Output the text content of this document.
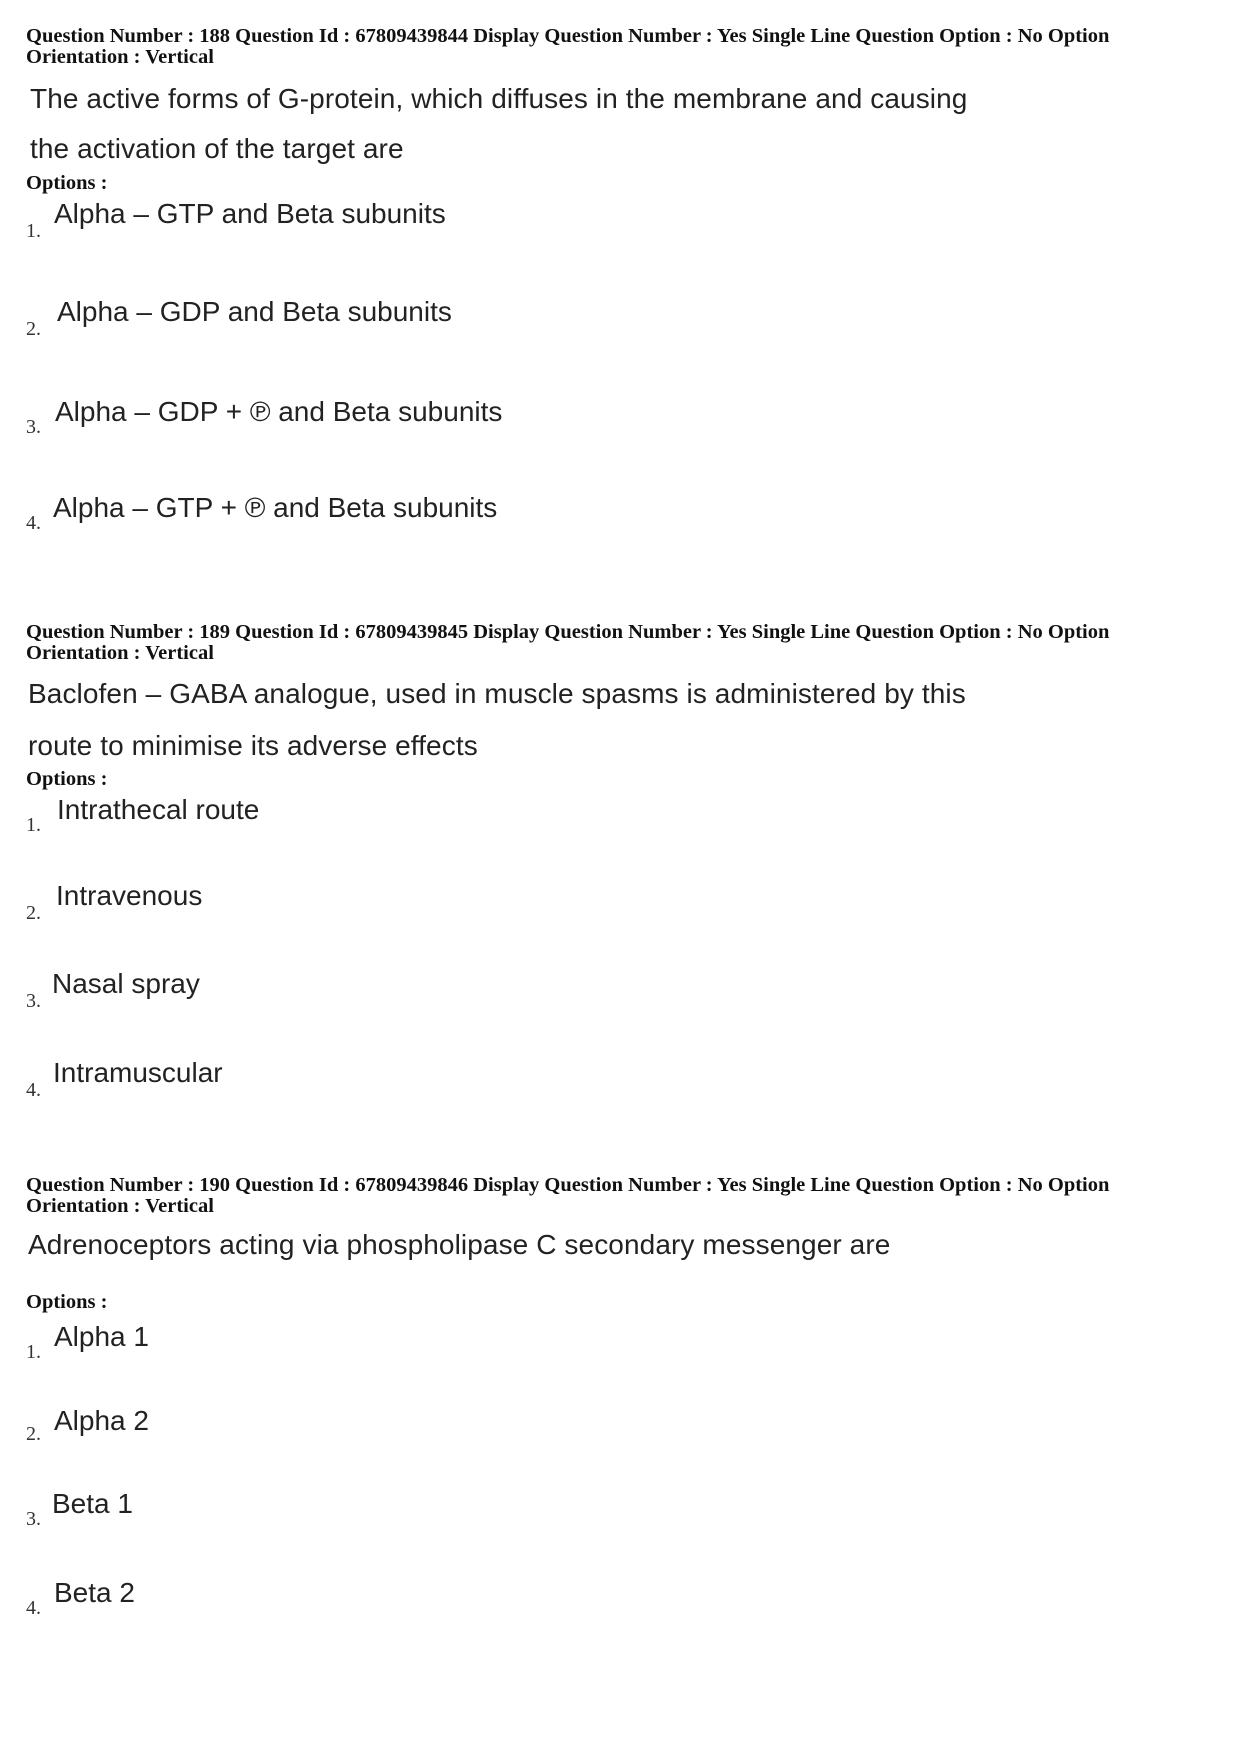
Question Number : 188 Question Id : 67809439844 Display Question Number : Yes Single Line Question Option : No Option
Orientation : Vertical

The active forms of G-protein, which diffuses in the membrane and causing
the activation of the target are
Options :
1.
Alpha – GTP and Beta subunits
2.
Alpha – GDP and Beta subunits
3. Alpha – GDP + ℗ and Beta subunits
4. Alpha – GTP + ℗ and Beta subunits

Question Number : 189 Question Id : 67809439845 Display Question Number : Yes Single Line Question Option : No Option
Orientation : Vertical

Baclofen – GABA analogue, used in muscle spasms is administered by this
route to minimise its adverse effects
Options :
1. Intrathecal route
2.
Intravenous
3.
Nasal spray
4.
Intramuscular

Question Number : 190 Question Id : 67809439846 Display Question Number : Yes Single Line Question Option : No Option
Orientation : Vertical

Adrenoceptors acting via phospholipase C secondary messenger are
Options :
1. Alpha 1
2. Alpha 2
3. Beta 1
4. Beta 2
